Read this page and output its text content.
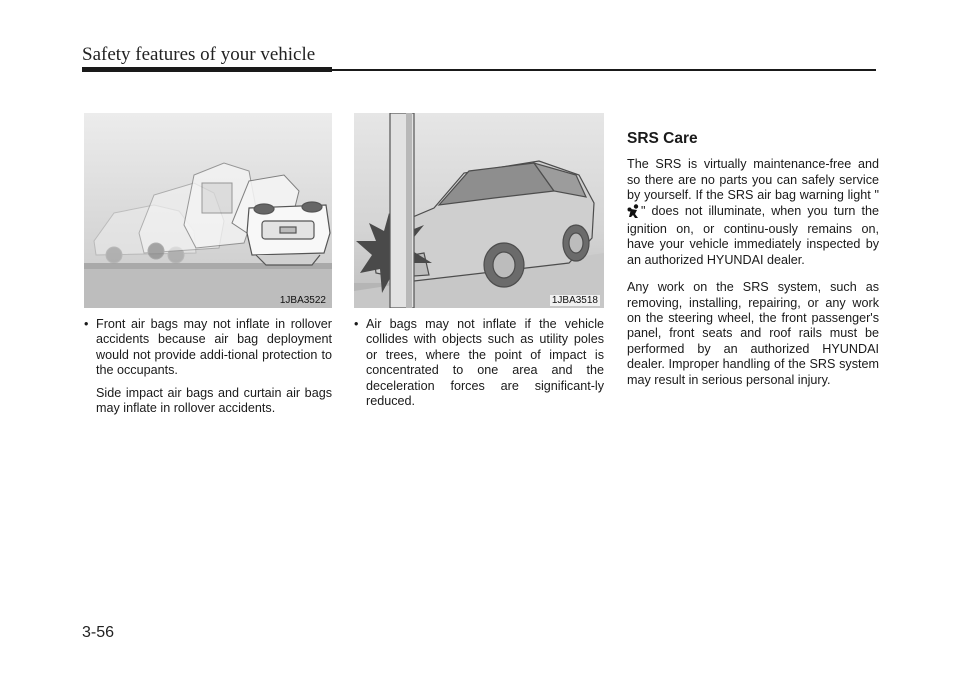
Safety features of your vehicle
1JBA3522	1JBA3518

• Front air bags may not inflate in rollover accidents because air bag deployment would not provide addi-tional protection to the occupants.

Side impact air bags and curtain air bags may inflate in rollover accidents.

• Air bags may not inflate if the vehicle collides with objects such as utility poles or trees, where the point of impact is concentrated to one area and the deceleration forces are significant-ly reduced.

SRS Care

The SRS is virtually maintenance-free and so there are no parts you can safely service by yourself. If the SRS air bag warning light "" does not illuminate, when you turn the ignition on, or continu-ously remains on, have your vehicle immediately inspected by an authorized HYUNDAI dealer.

Any work on the SRS system, such as removing, installing, repairing, or any work on the steering wheel, the front passenger's panel, front seats and roof rails must be performed by an authorized HYUNDAI dealer. Improper handling of the SRS system may result in serious personal injury.

3-56
